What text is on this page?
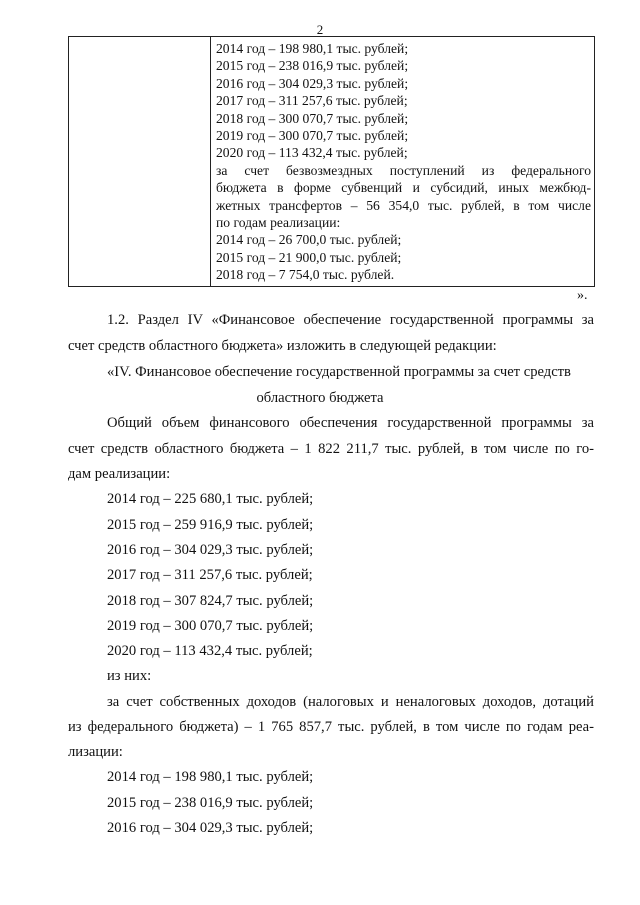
2
2014 год – 198 980,1 тыс. рублей;
2015 год – 238 016,9 тыс. рублей;
2016 год – 304 029,3 тыс. рублей;
2017 год – 311 257,6 тыс. рублей;
2018 год – 300 070,7 тыс. рублей;
2019 год – 300 070,7 тыс. рублей;
2020 год – 113 432,4 тыс. рублей;
за счет безвозмездных поступлений из федерального
бюджета в форме субвенций и субсидий, иных межбюд-
жетных трансфертов – 56 354,0 тыс. рублей, в том числе
по годам реализации:
2014 год – 26 700,0 тыс. рублей;
2015 год – 21 900,0 тыс. рублей;
2018 год – 7 754,0 тыс. рублей.
».
1.2. Раздел IV «Финансовое обеспечение государственной программы за
счет средств областного бюджета» изложить в следующей редакции:
«IV. Финансовое обеспечение государственной программы за счет средств
областного бюджета
Общий объем финансового обеспечения государственной программы за
счет средств областного бюджета – 1 822 211,7 тыс. рублей, в том числе по го-
дам реализации:
2014 год – 225 680,1 тыс. рублей;
2015 год – 259 916,9 тыс. рублей;
2016 год – 304 029,3 тыс. рублей;
2017 год – 311 257,6 тыс. рублей;
2018 год – 307 824,7 тыс. рублей;
2019 год – 300 070,7 тыс. рублей;
2020 год – 113 432,4 тыс. рублей;
из них:
за счет собственных доходов (налоговых и неналоговых доходов, дотаций
из федерального бюджета) – 1 765 857,7 тыс. рублей, в том числе по годам реа-
лизации:
2014 год – 198 980,1 тыс. рублей;
2015 год – 238 016,9 тыс. рублей;
2016 год – 304 029,3 тыс. рублей;
